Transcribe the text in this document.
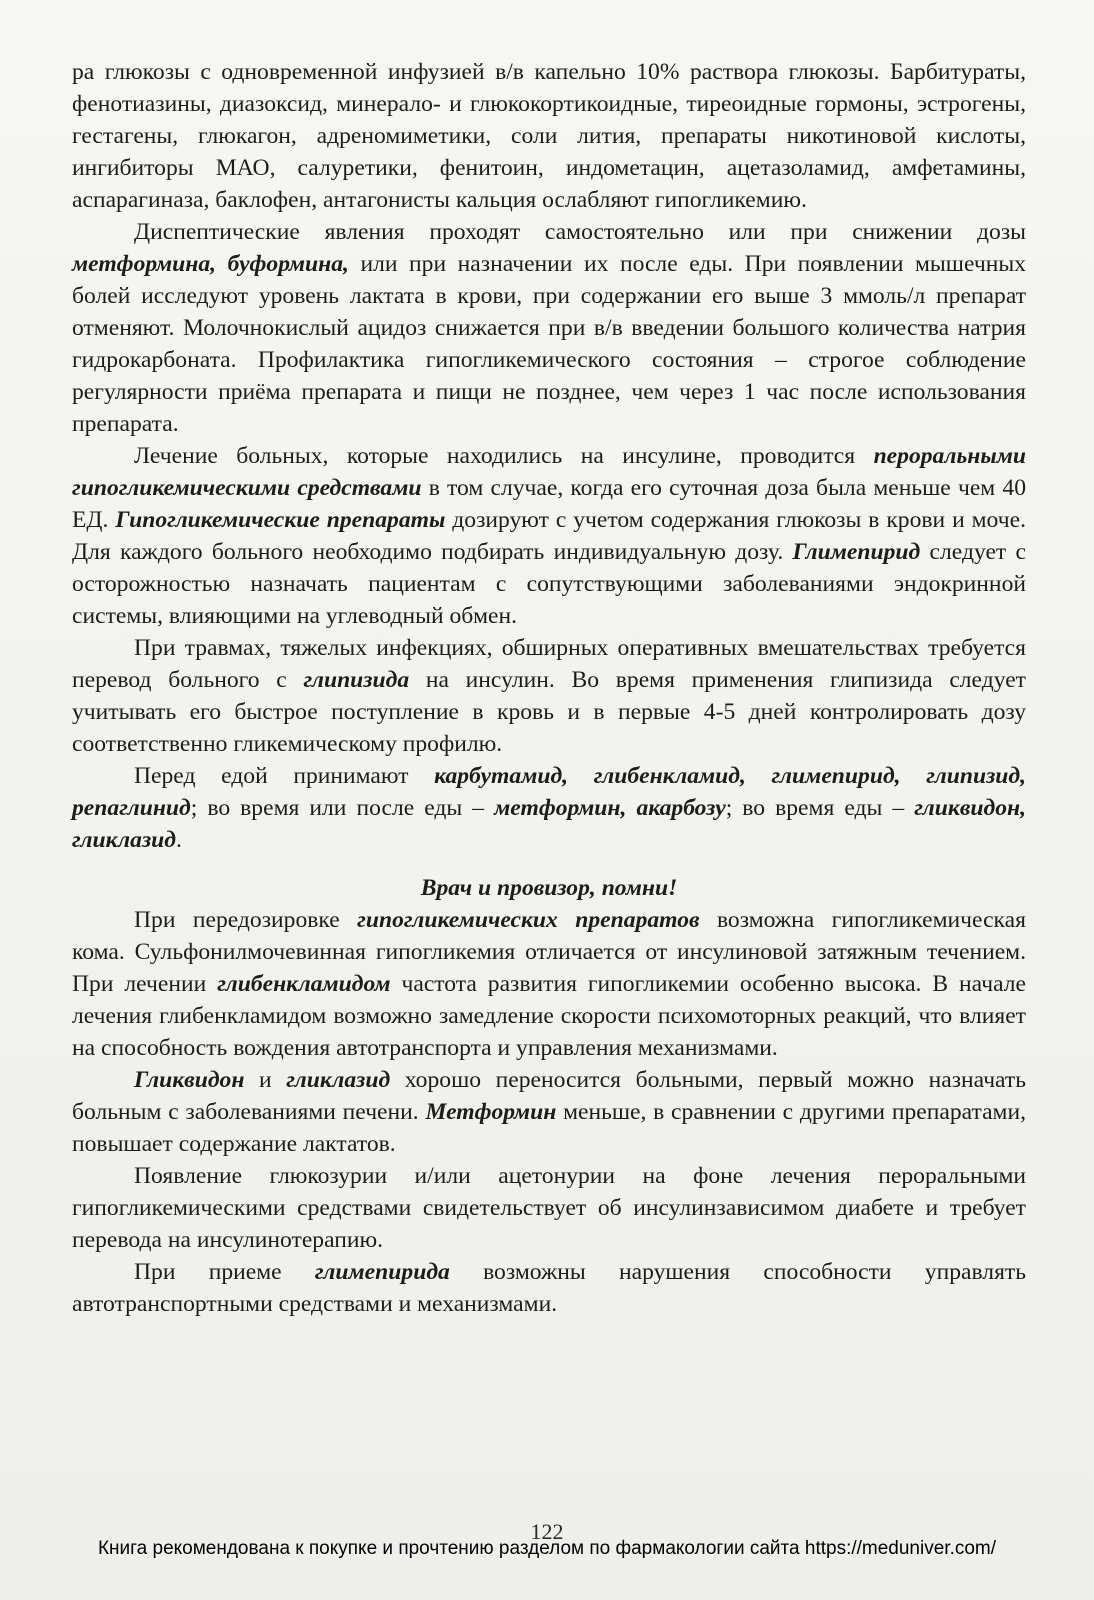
ра глюкозы с одновременной инфузией в/в капельно 10% раствора глюкозы. Барбитураты, фенотиазины, диазоксид, минерало- и глюкокортикоидные, тиреоидные гормоны, эстрогены, гестагены, глюкагон, адреномиметики, соли лития, препараты никотиновой кислоты, ингибиторы МАО, салуретики, фенитоин, индометацин, ацетазоламид, амфетамины, аспарагиназа, баклофен, антагонисты кальция ослабляют гипогликемию.

Диспептические явления проходят самостоятельно или при снижении дозы метформина, буформина, или при назначении их после еды. При появлении мышечных болей исследуют уровень лактата в крови, при содержании его выше 3 ммоль/л препарат отменяют. Молочнокислый ацидоз снижается при в/в введении большого количества натрия гидрокарбоната. Профилактика гипогликемического состояния – строгое соблюдение регулярности приёма препарата и пищи не позднее, чем через 1 час после использования препарата.

Лечение больных, которые находились на инсулине, проводится пероральными гипогликемическими средствами в том случае, когда его суточная доза была меньше чем 40 ЕД. Гипогликемические препараты дозируют с учетом содержания глюкозы в крови и моче. Для каждого больного необходимо подбирать индивидуальную дозу. Глимепирид следует с осторожностью назначать пациентам с сопутствующими заболеваниями эндокринной системы, влияющими на углеводный обмен.

При травмах, тяжелых инфекциях, обширных оперативных вмешательствах требуется перевод больного с глипизида на инсулин. Во время применения глипизида следует учитывать его быстрое поступление в кровь и в первые 4-5 дней контролировать дозу соответственно гликемическому профилю.

Перед едой принимают карбутамид, глибенкламид, глимепирид, глипизид, репаглинид; во время или после еды – метформин, акарбозу; во время еды – гликвидон, гликлазид.

Врач и провизор, помни!

При передозировке гипогликемических препаратов возможна гипогликемическая кома. Сульфонилмочевинная гипогликемия отличается от инсулиновой затяжным течением. При лечении глибенкламидом частота развития гипогликемии особенно высока. В начале лечения глибенкламидом возможно замедление скорости психомоторных реакций, что влияет на способность вождения автотранспорта и управления механизмами.

Гликвидон и гликлазид хорошо переносится больными, первый можно назначать больным с заболеваниями печени. Метформин меньше, в сравнении с другими препаратами, повышает содержание лактатов.

Появление глюкозурии и/или ацетонурии на фоне лечения пероральными гипогликемическими средствами свидетельствует об инсулинзависимом диабете и требует перевода на инсулинотерапию.

При приеме глимепирида возможны нарушения способности управлять автотранспортными средствами и механизмами.

122
Книга рекомендована к покупке и прочтению разделом по фармакологии сайта https://meduniver.com/
